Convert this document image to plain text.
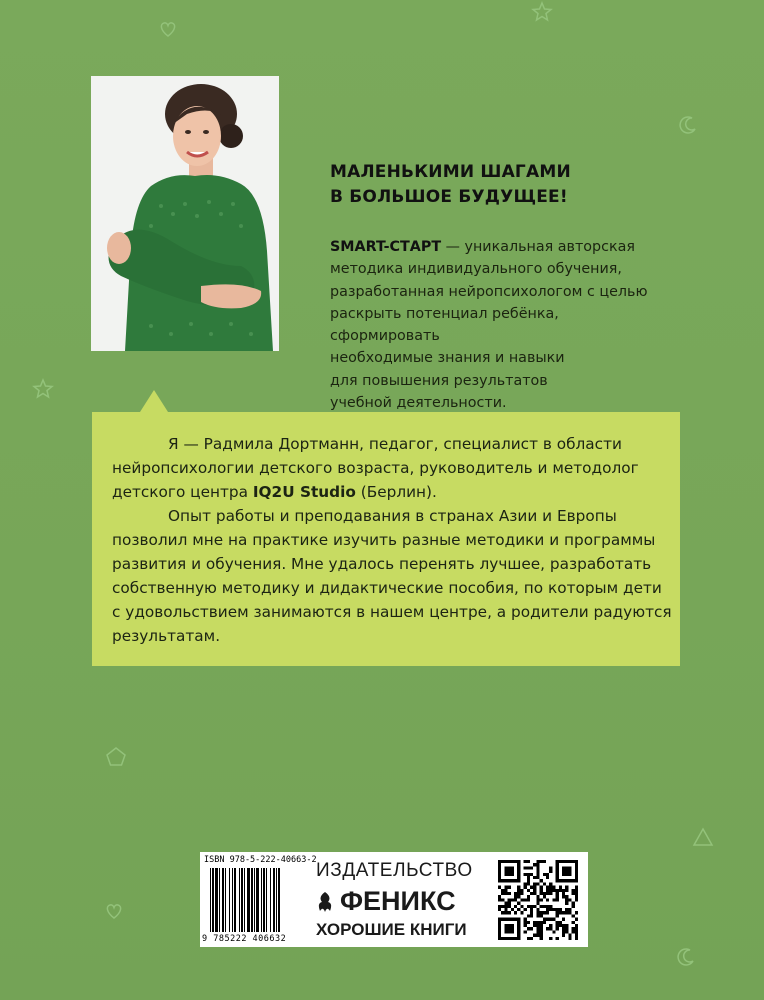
МАЛЕНЬКИМИ ШАГАМИ
В БОЛЬШОЕ БУДУЩЕЕ!
SMART-СТАРТ — уникальная авторская
методика индивидуального обучения,
разработанная нейропсихологом с целью
раскрыть потенциал ребёнка, сформировать
необходимые знания и навыки
для повышения результатов
учебной деятельности.

Я — Радмила Дортманн, педагог, специалист в области нейропсихологии детского возраста, руководитель и методолог детского центра IQ2U Studio (Берлин).

Опыт работы и преподавания в странах Азии и Европы позволил мне на практике изучить разные методики и программы развития и обучения. Мне удалось перенять лучшее, разработать собственную методику и дидактические пособия, по которым дети с удовольствием занимаются в нашем центре, а родители радуются результатам.

ISBN 978-5-222-40663-2
9 785222 406632
ИЗДАТЕЛЬСТВО
ФЕНИКС
ХОРОШИЕ КНИГИ
